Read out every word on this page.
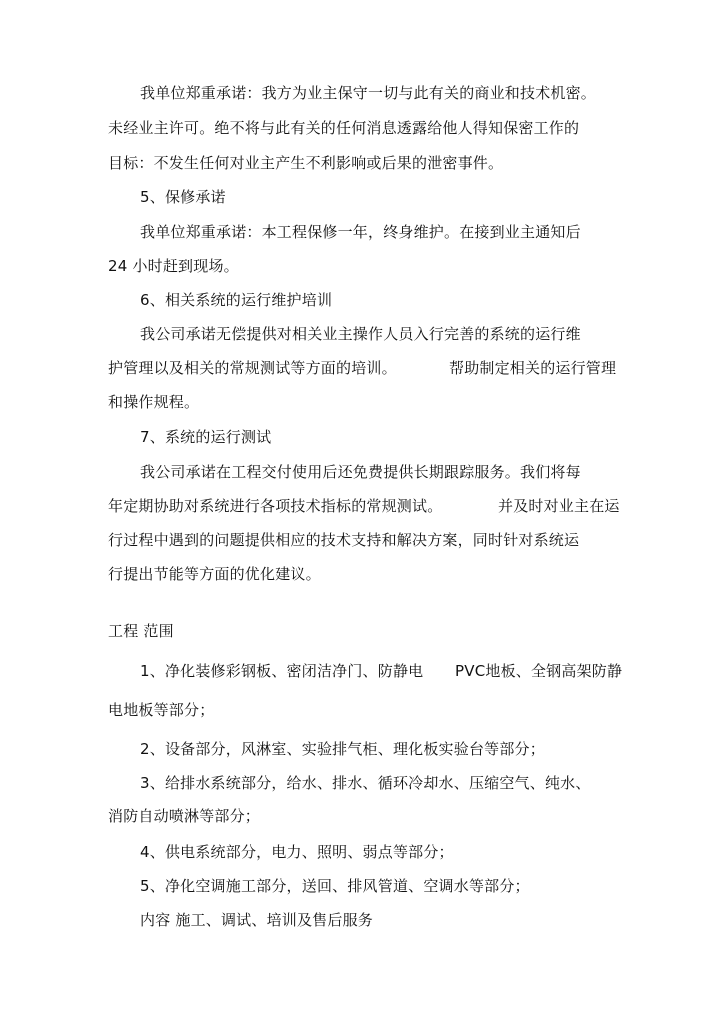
我单位郑重承诺：我方为业主保守一切与此有关的商业和技术机密。
未经业主许可。绝不将与此有关的任何消息透露给他人得知保密工作的
目标：不发生任何对业主产生不利影响或后果的泄密事件。
5、保修承诺
我单位郑重承诺：本工程保修一年，终身维护。在接到业主通知后
24 小时赶到现场。
6、相关系统的运行维护培训
我公司承诺无偿提供对相关业主操作人员入行完善的系统的运行维
护管理以及相关的常规测试等方面的培训。	帮助制定相关的运行管理
和操作规程。
7、系统的运行测试
我公司承诺在工程交付使用后还免费提供长期跟踪服务。我们将每
年定期协助对系统进行各项技术指标的常规测试。	并及时对业主在运
行过程中遇到的问题提供相应的技术支持和解决方案，同时针对系统运
行提出节能等方面的优化建议。
工程 范围
1、净化装修彩钢板、密闭洁净门、防静电 PVC地板、全钢高架防静
电地板等部分；
2、设备部分，风淋室、实验排气柜、理化板实验台等部分；
3、给排水系统部分，给水、排水、循环冷却水、压缩空气、纯水、
消防自动喷淋等部分；
4、供电系统部分，电力、照明、弱点等部分；
5、净化空调施工部分，送回、排风管道、空调水等部分；
内容 施工、调试、培训及售后服务
